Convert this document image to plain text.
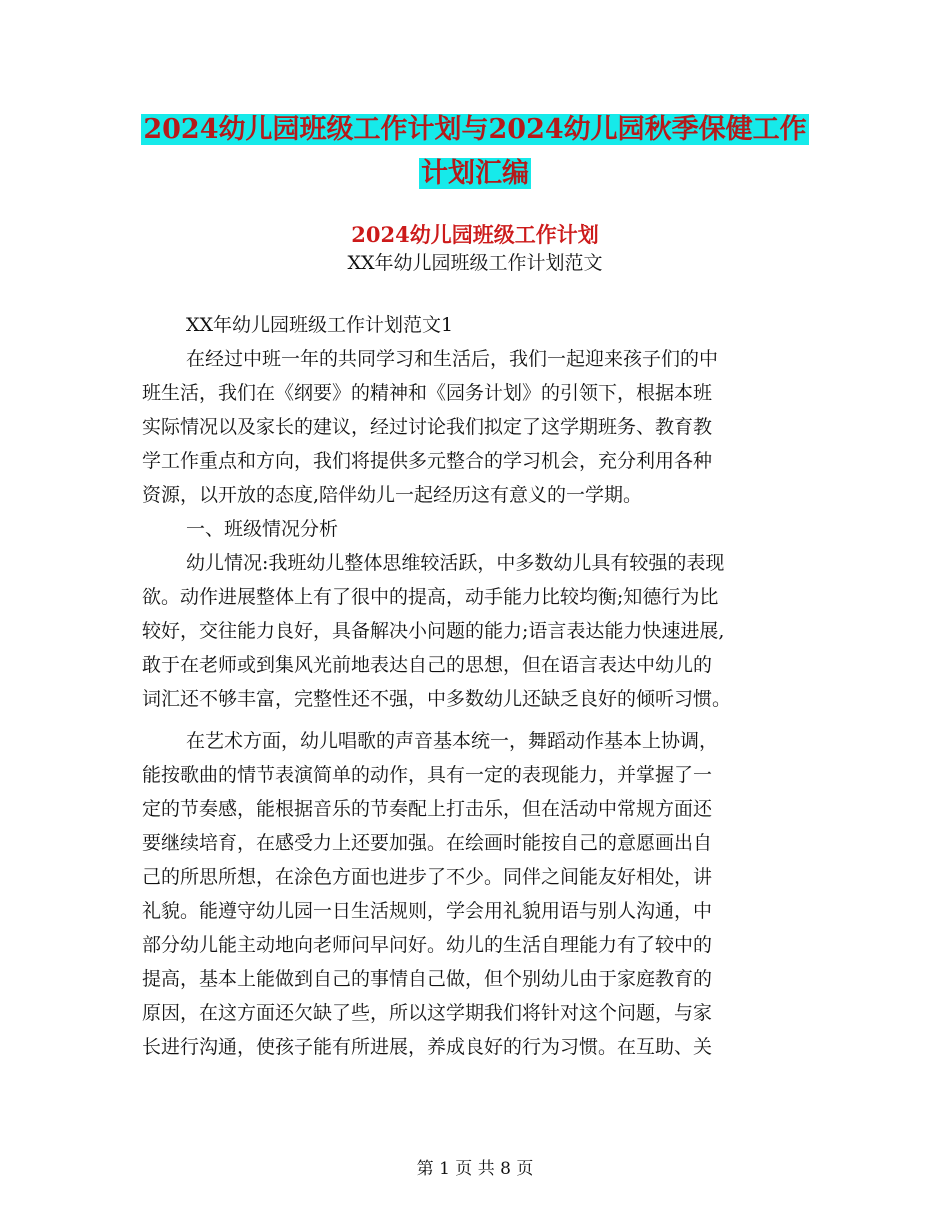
2024幼儿园班级工作计划与2024幼儿园秋季保健工作
计划汇编
2024幼儿园班级工作计划
XX年幼儿园班级工作计划范文
XX年幼儿园班级工作计划范文1
在经过中班一年的共同学习和生活后，我们一起迎来孩子们的中
班生活，我们在《纲要》的精神和《园务计划》的引领下，根据本班
实际情况以及家长的建议，经过讨论我们拟定了这学期班务、教育教
学工作重点和方向，我们将提供多元整合的学习机会，充分利用各种
资源，以开放的态度,陪伴幼儿一起经历这有意义的一学期。
一、班级情况分析
幼儿情况:我班幼儿整体思维较活跃，中多数幼儿具有较强的表现
欲。动作进展整体上有了很中的提高，动手能力比较均衡;知德行为比
较好，交往能力良好，具备解决小问题的能力;语言表达能力快速进展,
敢于在老师或到集风光前地表达自己的思想，但在语言表达中幼儿的
词汇还不够丰富，完整性还不强，中多数幼儿还缺乏良好的倾听习惯。
在艺术方面，幼儿唱歌的声音基本统一，舞蹈动作基本上协调，
能按歌曲的情节表演简单的动作，具有一定的表现能力，并掌握了一
定的节奏感，能根据音乐的节奏配上打击乐，但在活动中常规方面还
要继续培育，在感受力上还要加强。在绘画时能按自己的意愿画出自
己的所思所想，在涂色方面也进步了不少。同伴之间能友好相处，讲
礼貌。能遵守幼儿园一日生活规则，学会用礼貌用语与别人沟通，中
部分幼儿能主动地向老师问早问好。幼儿的生活自理能力有了较中的
提高，基本上能做到自己的事情自己做，但个别幼儿由于家庭教育的
原因，在这方面还欠缺了些，所以这学期我们将针对这个问题，与家
长进行沟通，使孩子能有所进展，养成良好的行为习惯。在互助、关
第 1 页 共 8 页
